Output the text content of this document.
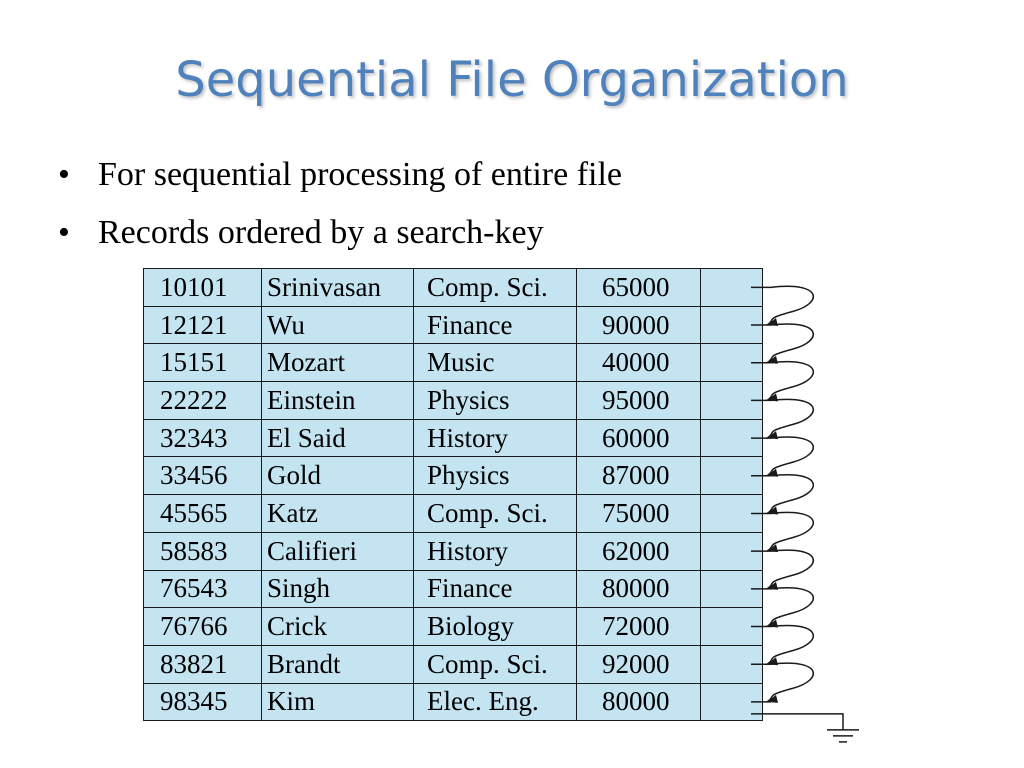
Sequential File Organization
• For sequential processing of entire file
• Records ordered by a search-key
10101	Srinivasan	Comp. Sci.	65000	
12121	Wu	Finance	90000	
15151	Mozart	Music	40000	
22222	Einstein	Physics	95000	
32343	El Said	History	60000	
33456	Gold	Physics	87000	
45565	Katz	Comp. Sci.	75000	
58583	Califieri	History	62000	
76543	Singh	Finance	80000	
76766	Crick	Biology	72000	
83821	Brandt	Comp. Sci.	92000	
98345	Kim	Elec. Eng.	80000	
